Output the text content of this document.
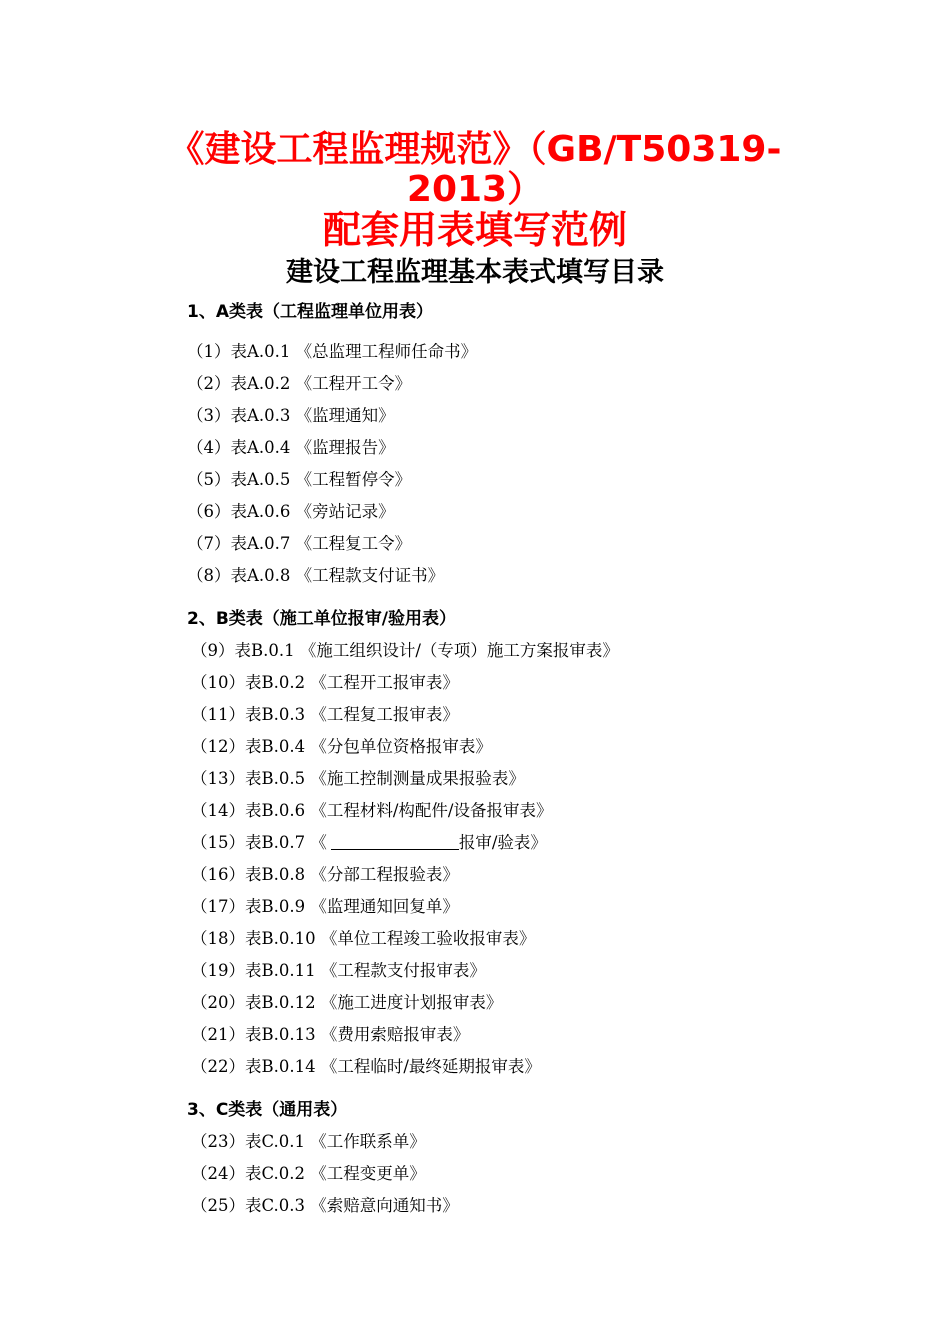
《建设工程监理规范》（GB/T50319-
2013）
配套用表填写范例
建设工程监理基本表式填写目录
1、A类表（工程监理单位用表）
（1）表A.0.1 《总监理工程师任命书》
（2）表A.0.2 《工程开工令》
（3）表A.0.3 《监理通知》
（4）表A.0.4 《监理报告》
（5）表A.0.5 《工程暂停令》
（6）表A.0.6 《旁站记录》
（7）表A.0.7 《工程复工令》
（8）表A.0.8 《工程款支付证书》
2、B类表（施工单位报审/验用表）
（9）表B.0.1 《施工组织设计/（专项）施工方案报审表》
（10）表B.0.2 《工程开工报审表》
（11）表B.0.3 《工程复工报审表》
（12）表B.0.4 《分包单位资格报审表》
（13）表B.0.5 《施工控制测量成果报验表》
（14）表B.0.6 《工程材料/构配件/设备报审表》
（15）表B.0.7 《	报审/验表》
（16）表B.0.8 《分部工程报验表》
（17）表B.0.9 《监理通知回复单》
（18）表B.0.10 《单位工程竣工验收报审表》
（19）表B.0.11 《工程款支付报审表》
（20）表B.0.12 《施工进度计划报审表》
（21）表B.0.13 《费用索赔报审表》
（22）表B.0.14 《工程临时/最终延期报审表》
3、C类表（通用表）
（23）表C.0.1 《工作联系单》
（24）表C.0.2 《工程变更单》
（25）表C.0.3 《索赔意向通知书》
